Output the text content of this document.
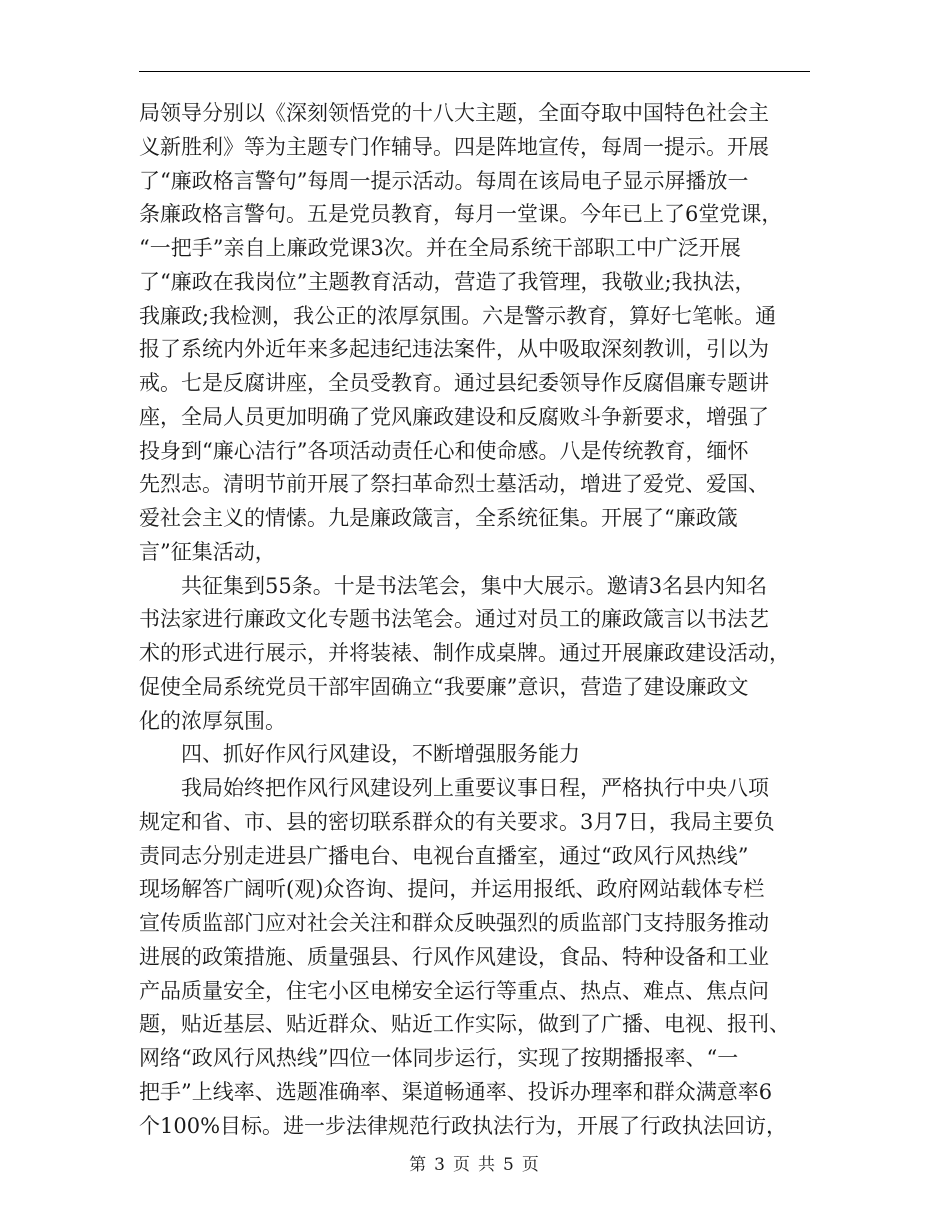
局领导分别以《深刻领悟党的十八大主题，全面夺取中国特色社会主
义新胜利》等为主题专门作辅导。四是阵地宣传，每周一提示。开展
了“廉政格言警句”每周一提示活动。每周在该局电子显示屏播放一
条廉政格言警句。五是党员教育，每月一堂课。今年已上了6堂党课，
“一把手”亲自上廉政党课3次。并在全局系统干部职工中广泛开展
了“廉政在我岗位”主题教育活动，营造了我管理，我敬业;我执法，
我廉政;我检测，我公正的浓厚氛围。六是警示教育，算好七笔帐。通
报了系统内外近年来多起违纪违法案件，从中吸取深刻教训，引以为
戒。七是反腐讲座，全员受教育。通过县纪委领导作反腐倡廉专题讲
座，全局人员更加明确了党风廉政建设和反腐败斗争新要求，增强了
投身到“廉心洁行”各项活动责任心和使命感。八是传统教育，缅怀
先烈志。清明节前开展了祭扫革命烈士墓活动，增进了爱党、爱国、
爱社会主义的情愫。九是廉政箴言，全系统征集。开展了“廉政箴
言”征集活动，
共征集到55条。十是书法笔会，集中大展示。邀请3名县内知名
书法家进行廉政文化专题书法笔会。通过对员工的廉政箴言以书法艺
术的形式进行展示，并将装裱、制作成桌牌。通过开展廉政建设活动，
促使全局系统党员干部牢固确立“我要廉”意识，营造了建设廉政文
化的浓厚氛围。
四、抓好作风行风建设，不断增强服务能力
我局始终把作风行风建设列上重要议事日程，严格执行中央八项
规定和省、市、县的密切联系群众的有关要求。3月7日，我局主要负
责同志分别走进县广播电台、电视台直播室，通过“政风行风热线”
现场解答广阔听(观)众咨询、提问，并运用报纸、政府网站载体专栏
宣传质监部门应对社会关注和群众反映强烈的质监部门支持服务推动
进展的政策措施、质量强县、行风作风建设，食品、特种设备和工业
产品质量安全，住宅小区电梯安全运行等重点、热点、难点、焦点问
题，贴近基层、贴近群众、贴近工作实际，做到了广播、电视、报刊、
网络“政风行风热线”四位一体同步运行，实现了按期播报率、“一
把手”上线率、选题准确率、渠道畅通率、投诉办理率和群众满意率6
个100%目标。进一步法律规范行政执法行为，开展了行政执法回访，
第 3 页 共 5 页
